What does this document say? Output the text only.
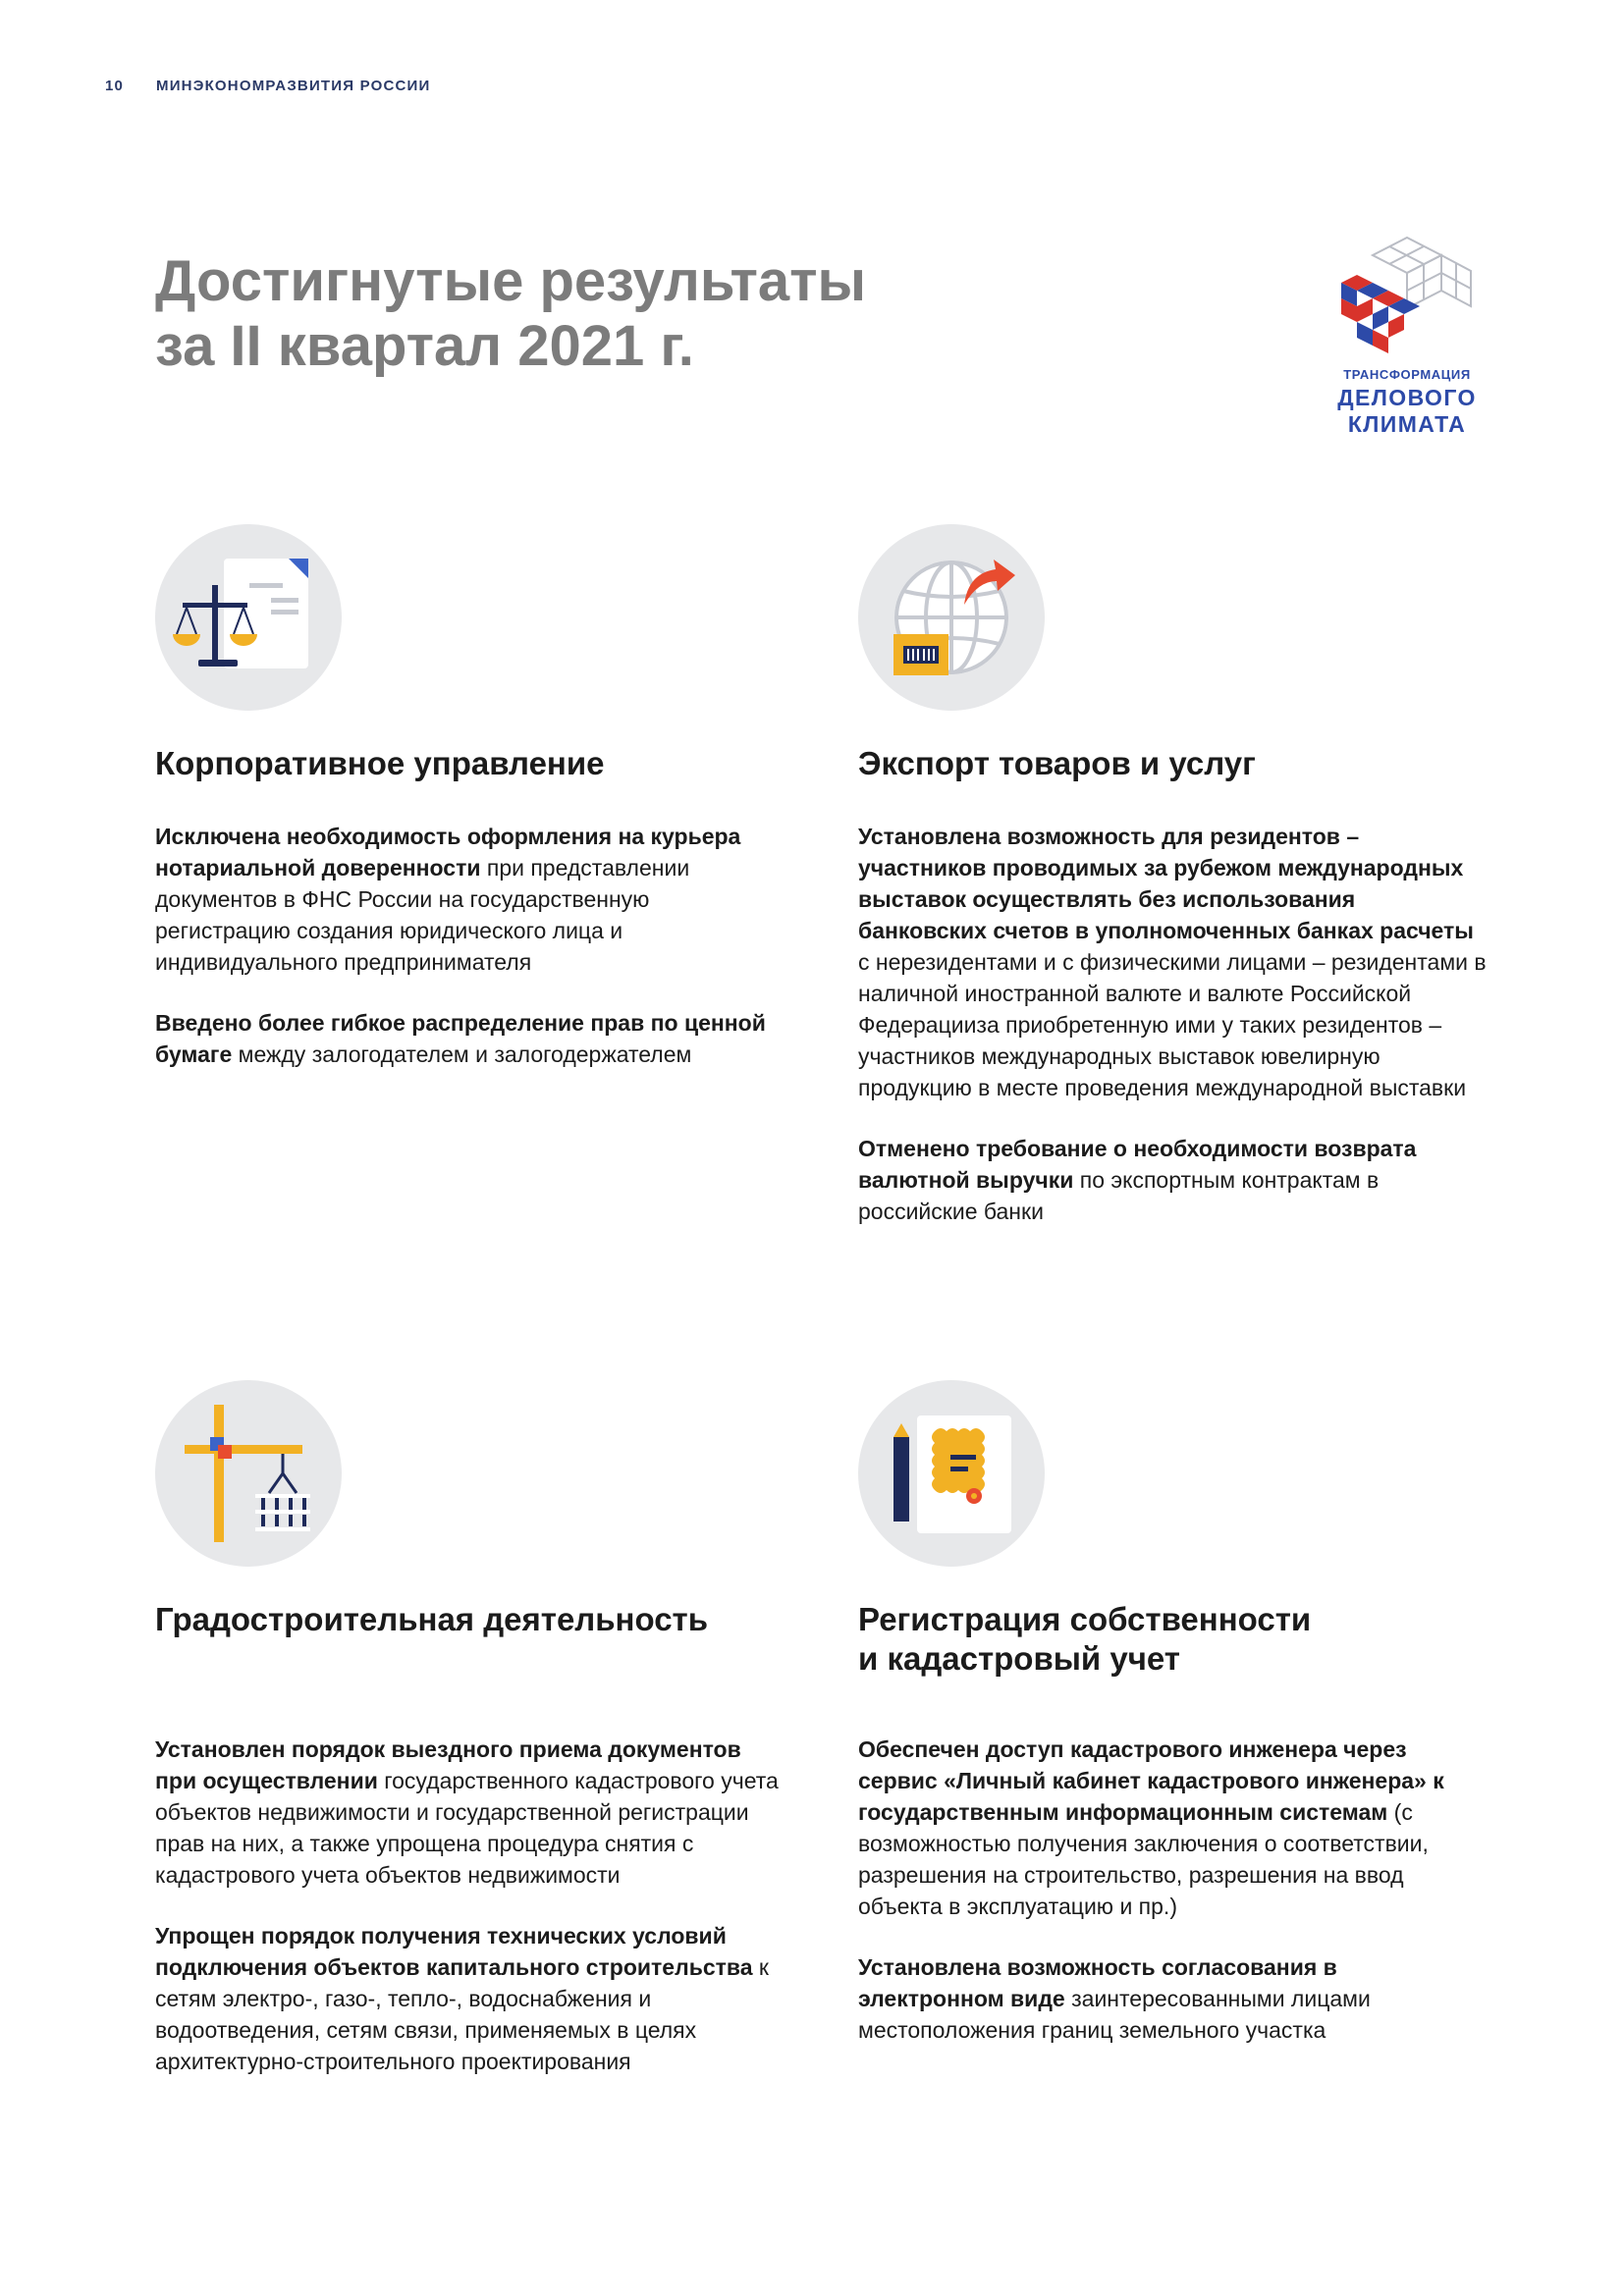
10 МИНЭКОНОМРАЗВИТИЯ РОССИИ
Достигнутые результаты
за II квартал 2021 г.	ТРАНСФОРМАЦИЯ
ДЕЛОВОГО
КЛИМАТА
Корпоративное управление

Исключена необходимость оформления на курьера нотариальной доверенности при представлении документов в ФНС России на государственную регистрацию создания юридического лица и индивидуального предпринимателя

Введено более гибкое распределение прав по ценной бумаге между залогодателем и залогодержателем

Экспорт товаров и услуг

Установлена возможность для резидентов – участников проводимых за рубежом международных выставок осуществлять без использования банковских счетов в уполномоченных банках расчеты с нерезидентами и с физическими лицами – резидентами в наличной иностранной валюте и валюте Российской Федерацииза приобретенную ими у таких резидентов – участников международных выставок ювелирную продукцию в месте проведения международной выставки

Отменено требование о необходимости возврата валютной выручки по экспортным контрактам в российские банки

Градостроительная деятельность

Установлен порядок выездного приема документов при осуществлении государственного кадастрового учета объектов недвижимости и государственной регистрации прав на них, а также упрощена процедура снятия с кадастрового учета объектов недвижимости

Упрощен порядок получения технических условий подключения объектов капитального строительства к сетям электро-, газо-, тепло-, водоснабжения и водоотведения, сетям связи, применяемых в целях архитектурно-строительного проектирования

Регистрация собственности
и кадастровый учет

Обеспечен доступ кадастрового инженера через сервис «Личный кабинет кадастрового инженера» к государственным информационным системам (с возможностью получения заключения о соответствии, разрешения на строительство, разрешения на ввод объекта в эксплуатацию и пр.)

Установлена возможность согласования в электронном виде заинтересованными лицами местоположения границ земельного участка
